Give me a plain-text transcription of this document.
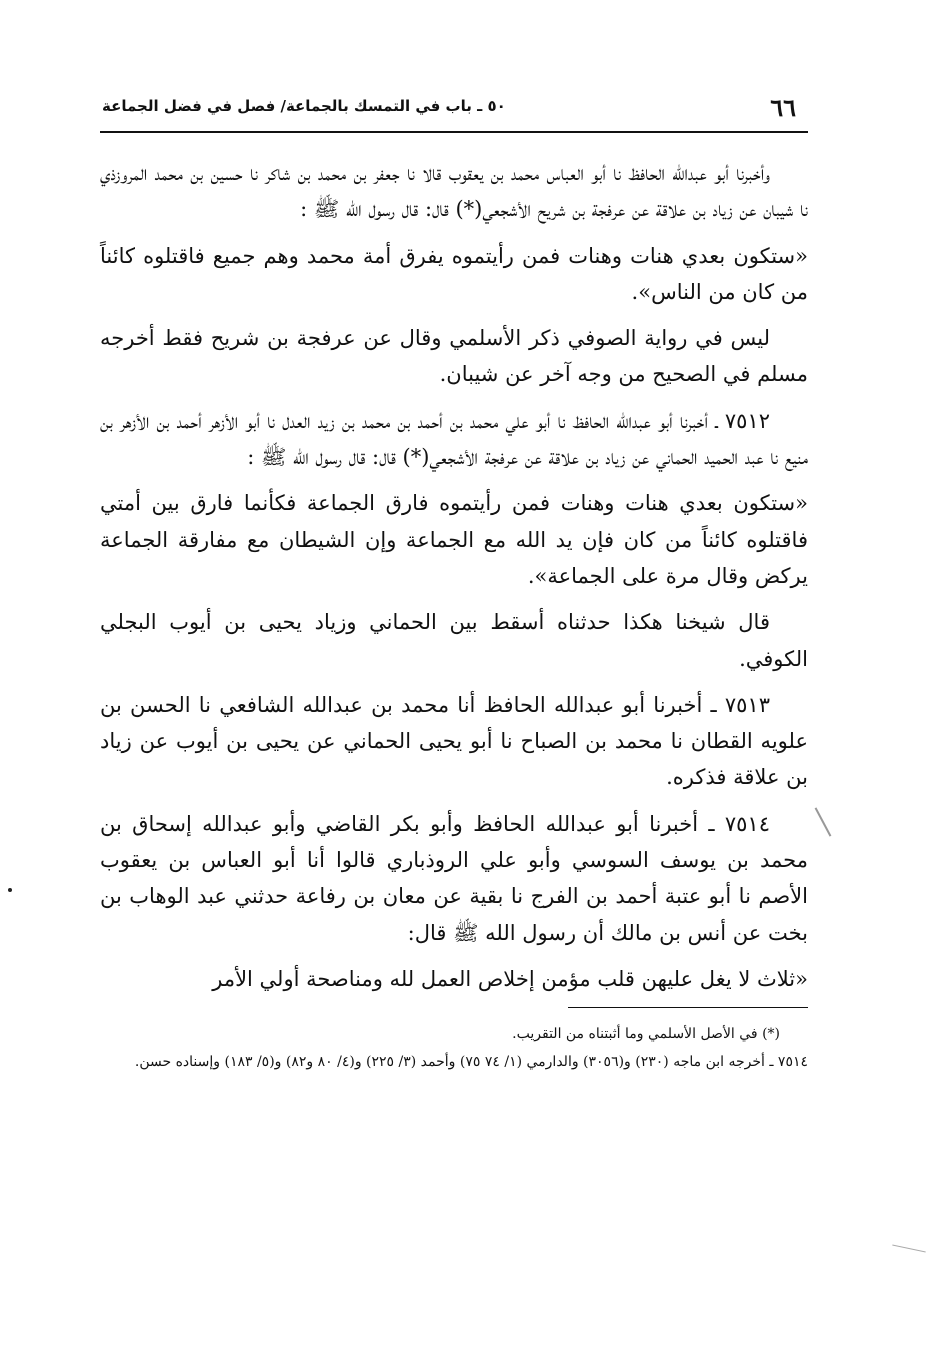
٦٦
٥٠ ـ باب في التمسك بالجماعة/ فصل في فضل الجماعة

وأخبرنا أبو عبدالله الحافظ نا أبو العباس محمد بن يعقوب قالا نا جعفر بن محمد بن شاكر نا حسين بن محمد المروزذي نا شيبان عن زياد بن علاقة عن عرفجة بن شريح الأشجعي(*) قال: قال رسول الله ﷺ :

«ستكون بعدي هنات وهنات فمن رأيتموه يفرق أمة محمد وهم جميع فاقتلوه كائناً من كان من الناس».

ليس في رواية الصوفي ذكر الأسلمي وقال عن عرفجة بن شريح فقط أخرجه مسلم في الصحيح من وجه آخر عن شيبان.

٧٥١٢ ـ أخبرنا أبو عبدالله الحافظ نا أبو علي محمد بن أحمد بن محمد بن زيد العدل نا أبو الأزهر أحمد بن الأزهر بن منيع نا عبد الحميد الحماني عن زياد بن علاقة عن عرفجة الأشجعي(*) قال: قال رسول الله ﷺ :

«ستكون بعدي هنات وهنات فمن رأيتموه فارق الجماعة فكأنما فارق بين أمتي فاقتلوه كائناً من كان فإن يد الله مع الجماعة وإن الشيطان مع مفارقة الجماعة يركض وقال مرة على الجماعة».

قال شيخنا هكذا حدثناه أسقط بين الحماني وزياد يحيى بن أيوب البجلي الكوفي.

٧٥١٣ ـ أخبرنا أبو عبدالله الحافظ أنا محمد بن عبدالله الشافعي نا الحسن بن علويه القطان نا محمد بن الصباح نا أبو يحيى الحماني عن يحيى بن أيوب عن زياد بن علاقة فذكره.

٧٥١٤ ـ أخبرنا أبو عبدالله الحافظ وأبو بكر القاضي وأبو عبدالله إسحاق بن محمد بن يوسف السوسي وأبو علي الروذباري قالوا أنا أبو العباس بن يعقوب الأصم نا أبو عتبة أحمد بن الفرج نا بقية عن معان بن رفاعة حدثني عبد الوهاب بن بخت عن أنس بن مالك أن رسول الله ﷺ قال:

«ثلاث لا يغل عليهن قلب مؤمن إخلاص العمل لله ومناصحة أولي الأمر

(*) في الأصل الأسلمي وما أثبتناه من التقريب.

٧٥١٤ ـ أخرجه ابن ماجه (٢٣٠) و(٣٠٥٦) والدارمي (١/ ٧٤ ٧٥) وأحمد (٣/ ٢٢٥) و(٤/ ٨٠ و٨٢) و(٥/ ١٨٣) وإسناده حسن.
